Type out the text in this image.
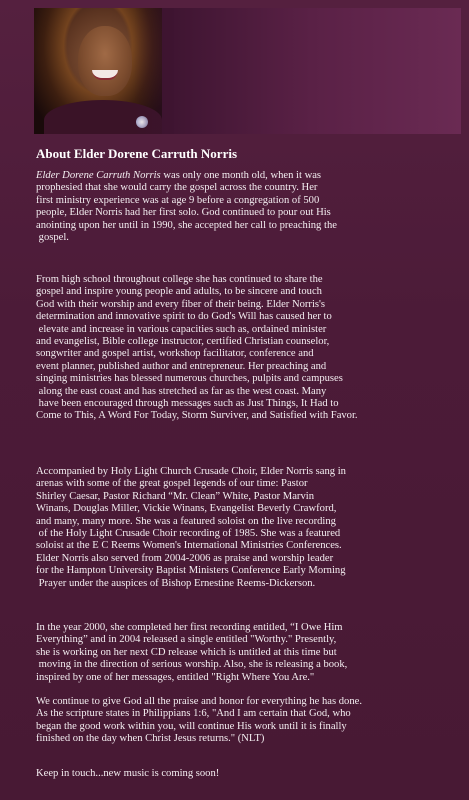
About Elder Dorene Carruth Norris
Elder Dorene Carruth Norris was only one month old, when it was
prophesied that she would carry the gospel across the country. Her
first ministry experience was at age 9 before a congregation of 500
people, Elder Norris had her first solo. God continued to pour out His
anointing upon her until in 1990, she accepted her call to preaching the
gospel.
From high school throughout college she has continued to share the
gospel and inspire young people and adults, to be sincere and touch
God with their worship and every fiber of their being. Elder Norris's
determination and innovative spirit to do God's Will has caused her to
elevate and increase in various capacities such as, ordained minister
and evangelist, Bible college instructor, certified Christian counselor,
songwriter and gospel artist, workshop facilitator, conference and
event planner, published author and entrepreneur. Her preaching and
singing ministries has blessed numerous churches, pulpits and campuses
along the east coast and has stretched as far as the west coast. Many
have been encouraged through messages such as Just Things, It Had to
Come to This, A Word For Today, Storm Surviver, and Satisfied with Favor.
Accompanied by Holy Light Church Crusade Choir, Elder Norris sang in
arenas with some of the great gospel legends of our time: Pastor
Shirley Caesar, Pastor Richard “Mr. Clean” White, Pastor Marvin
Winans, Douglas Miller, Vickie Winans, Evangelist Beverly Crawford,
and many, many more. She was a featured soloist on the live recording
of the Holy Light Crusade Choir recording of 1985. She was a featured
soloist at the E C Reems Women's International Ministries Conferences.
Elder Norris also served from 2004-2006 as praise and worship leader
for the Hampton University Baptist Ministers Conference Early Morning
Prayer under the auspices of Bishop Ernestine Reems-Dickerson.
In the year 2000, she completed her first recording entitled, “I Owe Him
Everything” and in 2004 released a single entitled "Worthy." Presently,
she is working on her next CD release which is untitled at this time but
moving in the direction of serious worship. Also, she is releasing a book,
inspired by one of her messages, entitled "Right Where You Are."
We continue to give God all the praise and honor for everything he has done.
As the scripture states in Philippians 1:6, "And I am certain that God, who
began the good work within you, will continue His work until it is finally
finished on the day when Christ Jesus returns." (NLT)
Keep in touch...new music is coming soon!
